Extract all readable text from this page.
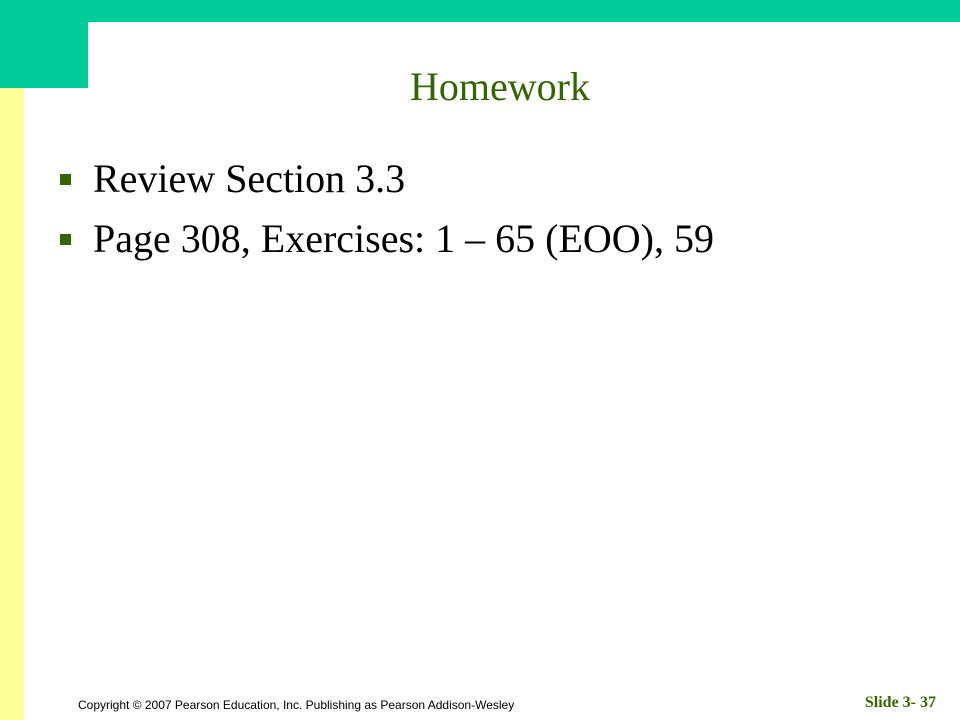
Homework
Review Section 3.3
Page 308, Exercises: 1 – 65 (EOO), 59
Copyright © 2007 Pearson Education, Inc. Publishing as Pearson Addison-Wesley	Slide 3- 37
